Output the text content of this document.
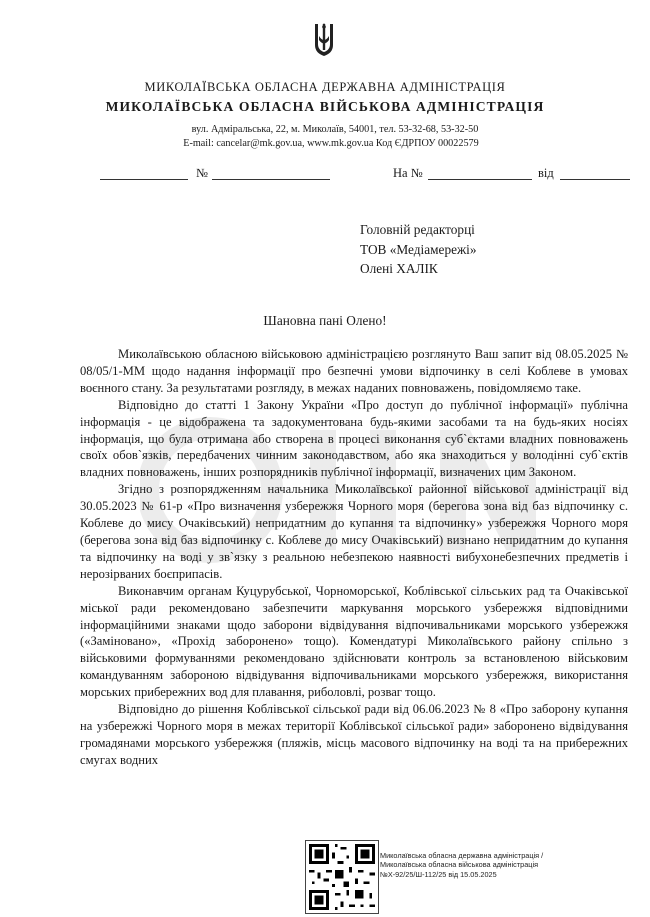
МИКОЛАЇВСЬКА ОБЛАСНА ДЕРЖАВНА АДМІНІСТРАЦІЯ
МИКОЛАЇВСЬКА ОБЛАСНА ВІЙСЬКОВА АДМІНІСТРАЦІЯ
вул. Адміральська, 22, м. Миколаїв, 54001, тел. 53-32-68, 53-32-50
E-mail: cancelar@mk.gov.ua, www.mk.gov.ua Код ЄДРПОУ 00022579
№	На №	від
Головній редакторці
ТОВ «Медіамережі»
Олені ХАЛІК
Шановна пані Олено!

Миколаївською обласною військовою адміністрацією розглянуто Ваш запит від 08.05.2025 № 08/05/1-ММ щодо надання інформації про безпечні умови відпочинку в селі Коблеве в умовах воєнного стану. За результатами розгляду, в межах наданих повноважень, повідомляємо таке.

Відповідно до статті 1 Закону України «Про доступ до публічної інформації» публічна інформація - це відображена та задокументована будь-якими засобами та на будь-яких носіях інформація, що була отримана або створена в процесі виконання суб`єктами владних повноважень своїх обов`язків, передбачених чинним законодавством, або яка знаходиться у володінні суб`єктів владних повноважень, інших розпорядників публічної інформації, визначених цим Законом.

Згідно з розпорядженням начальника Миколаївської районної військової адміністрації від 30.05.2023 № 61-р «Про визначення узбережжя Чорного моря (берегова зона від баз відпочинку с. Коблеве до мису Очаківський) непридатним до купання та відпочинку» узбережжя Чорного моря (берегова зона від баз відпочинку с. Коблеве до мису Очаківський) визнано непридатним до купання та відпочинку на воді у зв`язку з реальною небезпекою наявності вибухонебезпечних предметів і нерозірваних боєприпасів.

Виконавчим органам Куцурубської, Чорноморської, Коблівської сільських рад та Очаківської міської ради рекомендовано забезпечити маркування морського узбережжя відповідними інформаційними знаками щодо заборони відвідування відпочивальниками морського узбережжя («Заміновано», «Прохід заборонено» тощо). Комендатурі Миколаївського району спільно з військовими формуваннями рекомендовано здійснювати контроль за встановленою військовим командуванням забороною відвідування відпочивальниками морського узбережжя, використання морських прибережних вод для плавання, риболовлі, розваг тощо.

Відповідно до рішення Коблівської сільської ради від 06.06.2023 № 8 «Про заборону купання на узбережжі Чорного моря в межах території Коблівської сільської ради» заборонено відвідування громадянами морського узбережжя (пляжів, місць масового відпочинку на воді та на прибережних смугах водних

Миколаївська обласна державна адміністрація /
Миколаївська обласна військова адміністрація
№Х-92/25/Ш-112/25 від 15.05.2025
